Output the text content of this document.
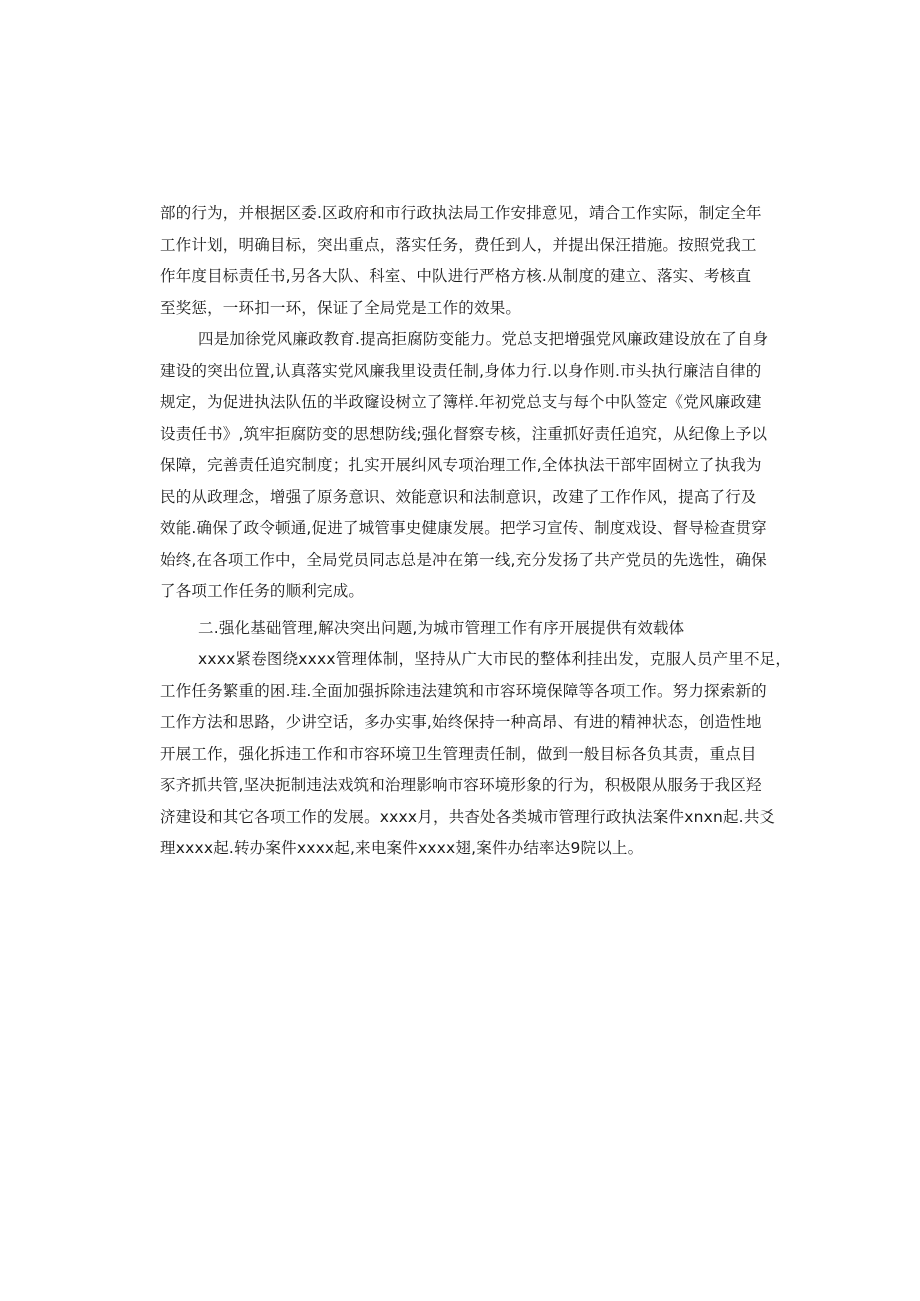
部的行为，并根据区委.区政府和市行政执法局工作安排意见，靖合工作实际，制定全年
工作计划，明确目标，突出重点，落实任务，费任到人，并提出保汪措施。按照党我工
作年度目标责任书,另各大队、科室、中队进行严格方核.从制度的建立、落实、考核直
至奖惩，一环扣一环，保证了全局党是工作的效果。
四是加徐党风廉政教育.提高拒腐防变能力。党总支把增强党风廉政建设放在了自身
建设的突出位置,认真落实党风廉我里设责任制,身体力行.以身作则.市头执行廉洁自律的
规定，为促进执法队伍的半政窿设树立了簿样.年初党总支与每个中队签定《党风廉政建
设责任书》,筑牢拒腐防变的思想防线;强化督察专核，注重抓好责任追究，从纪像上予以
保障，完善责任追究制度；扎实开展纠风专项治理工作,全体执法干部牢固树立了执我为
民的从政理念，增强了原务意识、效能意识和法制意识，改建了工作作风，提高了行及
效能.确保了政令顿通,促进了城管事史健康发展。把学习宣传、制度戏设、督导检查贯穿
始终,在各项工作中，全局党员同志总是冲在第一线,充分发扬了共产党员的先选性，确保
了各项工作任务的顺利完成。
二.强化基础管理,解决突出问题,为城市管理工作有序开展提供有效载体
xxxx紧卷图绕xxxx管理体制，坚持从广大市民的整体利挂出发，克服人员产里不足，
工作任务繁重的困.珪.全面加强拆除违法建筑和市容环境保障等各项工作。努力探索新的
工作方法和思路，少讲空话，多办实事,始终保持一种高昂、有进的精神状态，创造性地
开展工作，强化拆违工作和市容环境卫生管理责任制，做到一般目标各负其责，重点目
豕齐抓共管,坚决扼制违法戏筑和治理影响市容环境形象的行为，积极限从服务于我区羟
济建设和其它各项工作的发展。xxxx月，共杳处各类城市管理行政执法案件xnxn起.共爻
理xxxx起.转办案件xxxx起,来电案件xxxx翅,案件办结率达9院以上。
